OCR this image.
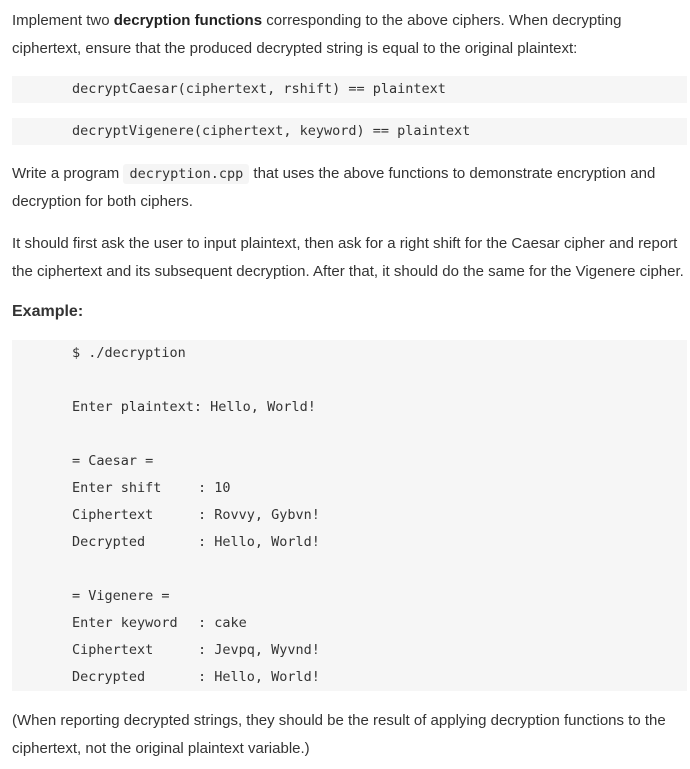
Implement two decryption functions corresponding to the above ciphers. When decrypting ciphertext, ensure that the produced decrypted string is equal to the original plaintext:

decryptCaesar(ciphertext, rshift) == plaintext
decryptVigenere(ciphertext, keyword) == plaintext

Write a program decryption.cpp that uses the above functions to demonstrate encryption and decryption for both ciphers.

It should first ask the user to input plaintext, then ask for a right shift for the Caesar cipher and report the ciphertext and its subsequent decryption. After that, it should do the same for the Vigenere cipher.

Example:
$ ./decryption
Enter plaintext: Hello, World!
= Caesar =
Enter shift	: 10
Ciphertext	: Rovvy, Gybvn!
Decrypted	: Hello, World!
= Vigenere =
Enter keyword : cake
Ciphertext	: Jevpq, Wyvnd!
Decrypted	: Hello, World!

(When reporting decrypted strings, they should be the result of applying decryption functions to the ciphertext, not the original plaintext variable.)
